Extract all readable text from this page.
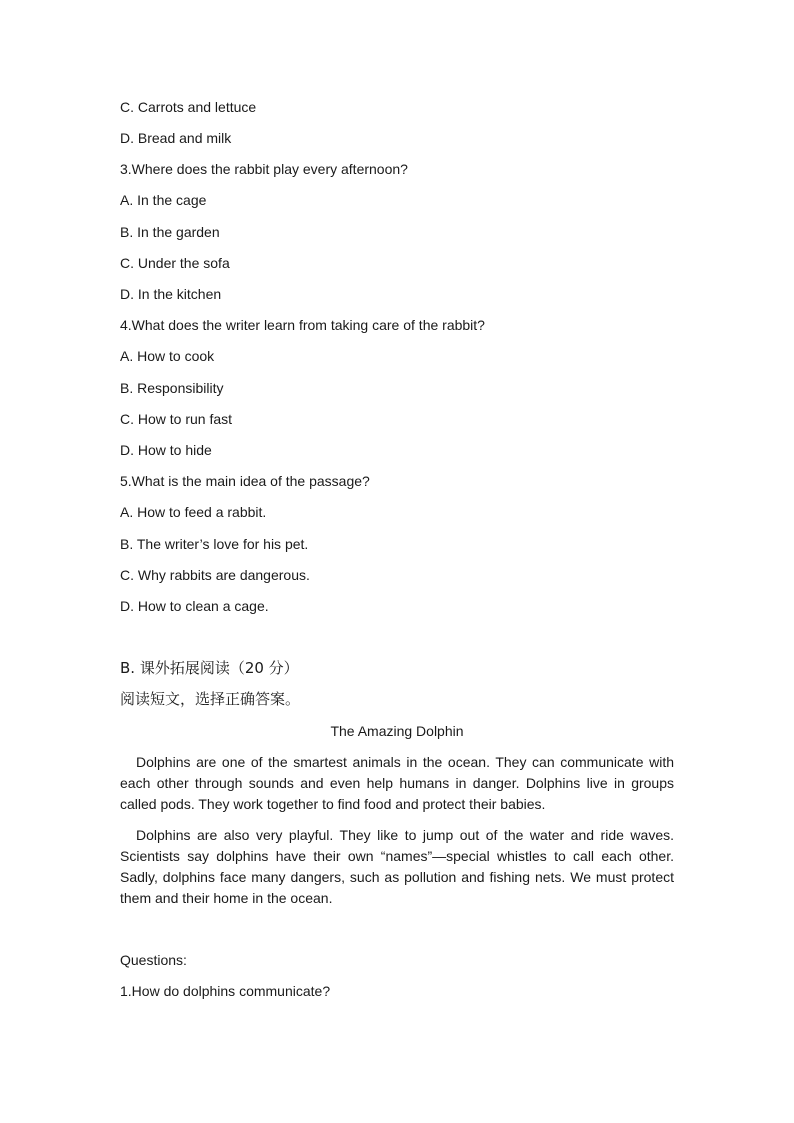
C. Carrots and lettuce
D. Bread and milk
3.Where does the rabbit play every afternoon?
A. In the cage
B. In the garden
C. Under the sofa
D. In the kitchen
4.What does the writer learn from taking care of the rabbit?
A. How to cook
B. Responsibility
C. How to run fast
D. How to hide
5.What is the main idea of the passage?
A. How to feed a rabbit.
B. The writer’s love for his pet.
C. Why rabbits are dangerous.
D. How to clean a cage.
B. 课外拓展阅读（20 分）
阅读短文，选择正确答案。
The Amazing Dolphin
Dolphins are one of the smartest animals in the ocean. They can communicate with each other through sounds and even help humans in danger. Dolphins live in groups called pods. They work together to find food and protect their babies.
Dolphins are also very playful. They like to jump out of the water and ride waves. Scientists say dolphins have their own “names”—special whistles to call each other. Sadly, dolphins face many dangers, such as pollution and fishing nets. We must protect them and their home in the ocean.
Questions:
1.How do dolphins communicate?
